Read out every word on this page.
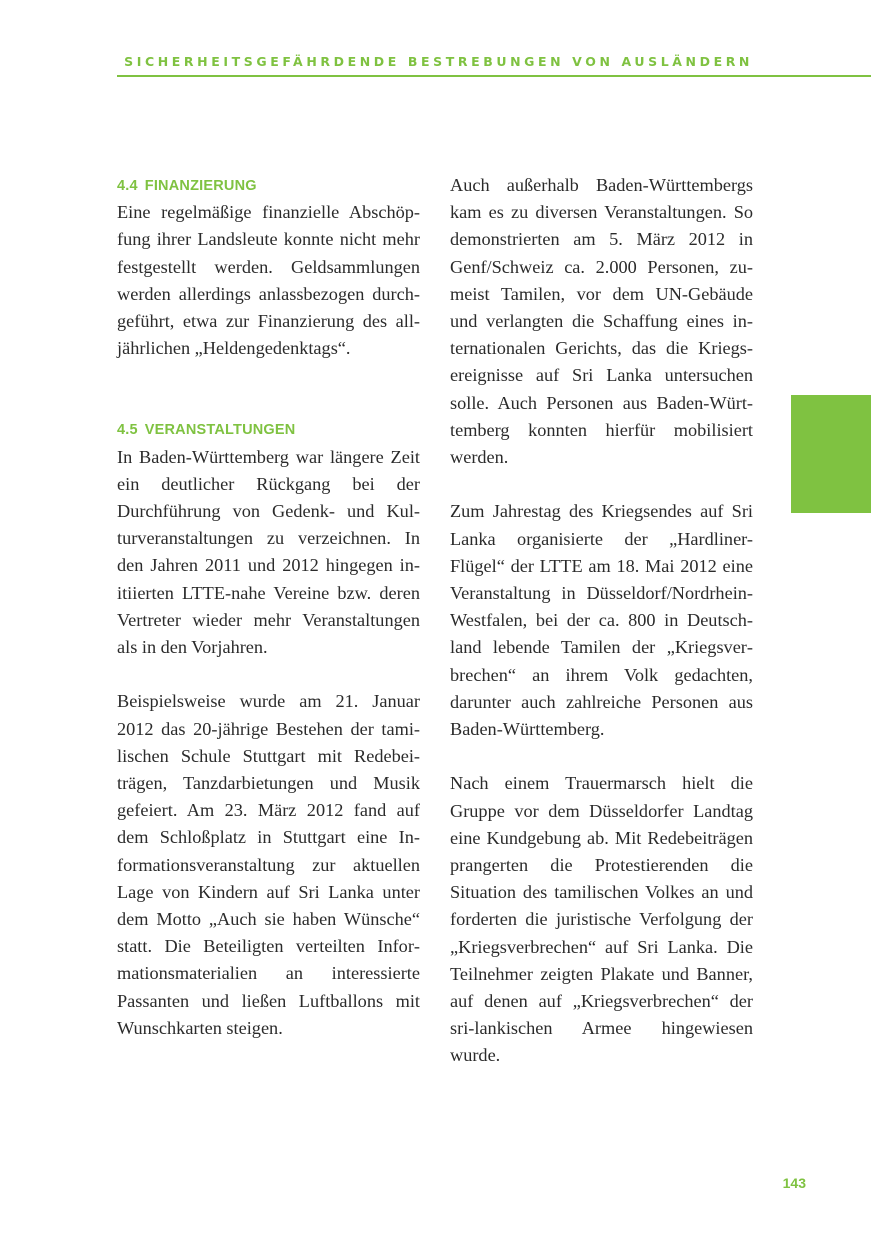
SICHERHEITSGEFÄHRDENDE BESTREBUNGEN VON AUSLÄNDERN
4.4 FINANZIERUNG

Eine regelmäßige finanzielle Abschöpfung ihrer Landsleute konnte nicht mehr festgestellt werden. Geldsammlungen werden allerdings anlassbezogen durchgeführt, etwa zur Finanzierung des alljährlichen „Heldengedenktags“.

4.5 VERANSTALTUNGEN

In Baden-Württemberg war längere Zeit ein deutlicher Rückgang bei der Durchführung von Gedenk- und Kulturveranstaltungen zu verzeichnen. In den Jahren 2011 und 2012 hingegen initiierten LTTE-nahe Vereine bzw. deren Vertreter wieder mehr Veranstaltungen als in den Vorjahren.

Beispielsweise wurde am 21. Januar 2012 das 20-jährige Bestehen der tamilischen Schule Stuttgart mit Redebeiträgen, Tanzdarbietungen und Musik gefeiert. Am 23. März 2012 fand auf dem Schloßplatz in Stuttgart eine Informationsveranstaltung zur aktuellen Lage von Kindern auf Sri Lanka unter dem Motto „Auch sie haben Wünsche“ statt. Die Beteiligten verteilten Informationsmaterialien an interessierte Passanten und ließen Luftballons mit Wunschkarten steigen.

Auch außerhalb Baden-Württembergs kam es zu diversen Veranstaltungen. So demonstrierten am 5. März 2012 in Genf/Schweiz ca. 2.000 Personen, zumeist Tamilen, vor dem UN-Gebäude und verlangten die Schaffung eines internationalen Gerichts, das die Kriegsereignisse auf Sri Lanka untersuchen solle. Auch Personen aus Baden-Württemberg konnten hierfür mobilisiert werden.

Zum Jahrestag des Kriegsendes auf Sri Lanka organisierte der „Hardliner-Flügel“ der LTTE am 18. Mai 2012 eine Veranstaltung in Düsseldorf/Nordrhein-Westfalen, bei der ca. 800 in Deutschland lebende Tamilen der „Kriegsverbrechen“ an ihrem Volk gedachten, darunter auch zahlreiche Personen aus Baden-Württemberg.

Nach einem Trauermarsch hielt die Gruppe vor dem Düsseldorfer Landtag eine Kundgebung ab. Mit Redebeiträgen prangerten die Protestierenden die Situation des tamilischen Volkes an und forderten die juristische Verfolgung der „Kriegsverbrechen“ auf Sri Lanka. Die Teilnehmer zeigten Plakate und Banner, auf denen auf „Kriegsverbrechen“ der sri-lankischen Armee hingewiesen wurde.

143
